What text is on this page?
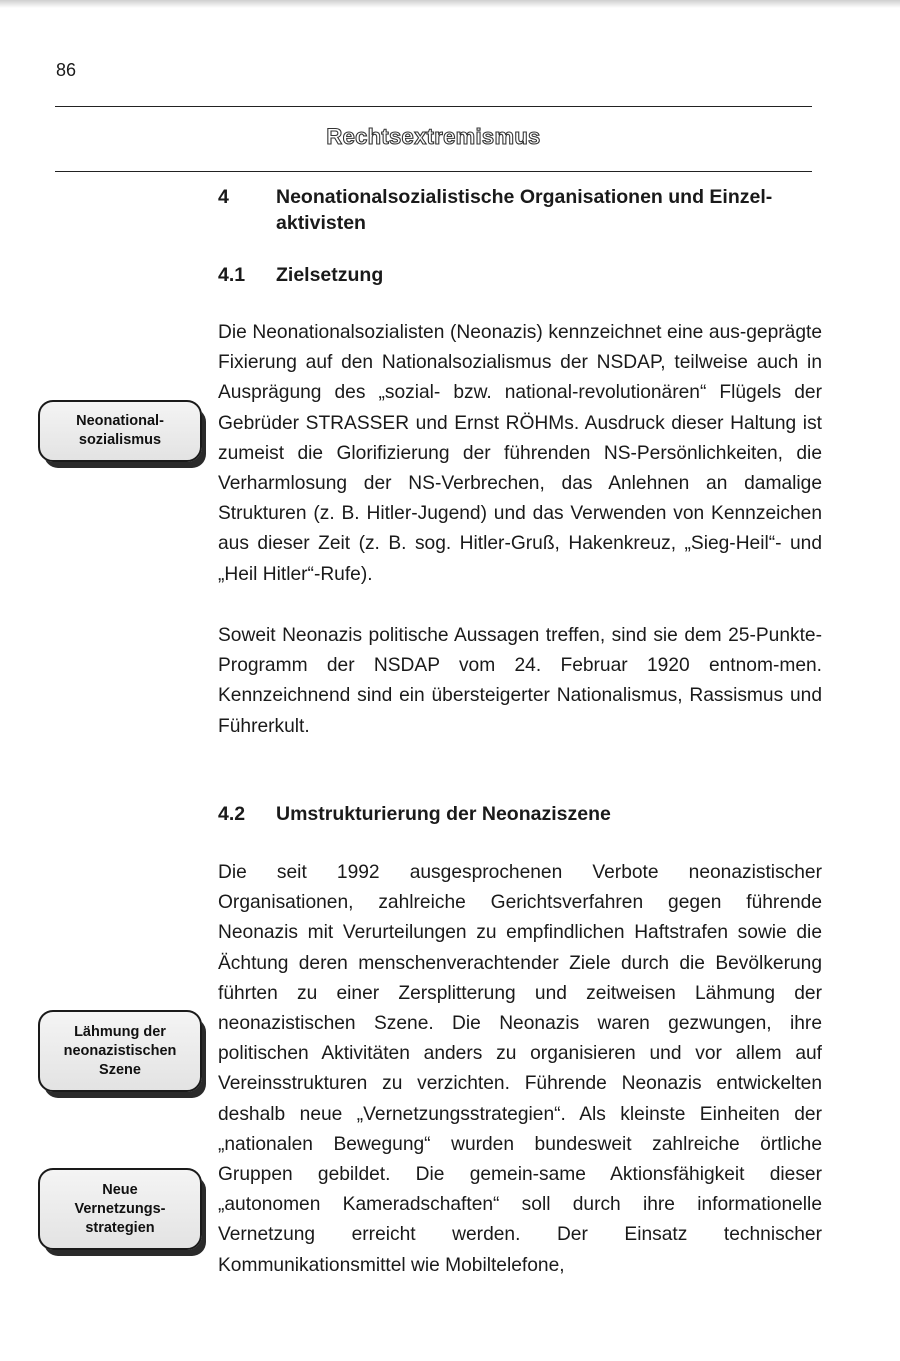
86
Rechtsextremismus
4 Neonationalsozialistische Organisationen und Einzel-aktivisten
4.1 Zielsetzung
Neonational-
sozialismus

Die Neonationalsozialisten (Neonazis) kennzeichnet eine aus-geprägte Fixierung auf den Nationalsozialismus der NSDAP, teilweise auch in Ausprägung des „sozial- bzw. national-revolutionären“ Flügels der Gebrüder STRASSER und Ernst RÖHMs. Ausdruck dieser Haltung ist zumeist die Glorifizierung der führenden NS-Persönlichkeiten, die Verharmlosung der NS-Verbrechen, das Anlehnen an damalige Strukturen (z. B. Hitler-Jugend) und das Verwenden von Kennzeichen aus dieser Zeit (z. B. sog. Hitler-Gruß, Hakenkreuz, „Sieg-Heil“- und „Heil Hitler“-Rufe).

Soweit Neonazis politische Aussagen treffen, sind sie dem 25-Punkte-Programm der NSDAP vom 24. Februar 1920 entnom-men. Kennzeichnend sind ein übersteigerter Nationalismus, Rassismus und Führerkult.

4.2 Umstrukturierung der Neonaziszene
Lähmung der
neonazistischen
Szene
Neue
Vernetzungs-
strategien

Die seit 1992 ausgesprochenen Verbote neonazistischer Organisationen, zahlreiche Gerichtsverfahren gegen führende Neonazis mit Verurteilungen zu empfindlichen Haftstrafen sowie die Ächtung deren menschenverachtender Ziele durch die Bevölkerung führten zu einer Zersplitterung und zeitweisen Lähmung der neonazistischen Szene. Die Neonazis waren gezwungen, ihre politischen Aktivitäten anders zu organisieren und vor allem auf Vereinsstrukturen zu verzichten. Führende Neonazis entwickelten deshalb neue „Vernetzungsstrategien“. Als kleinste Einheiten der „nationalen Bewegung“ wurden bundesweit zahlreiche örtliche Gruppen gebildet. Die gemein-same Aktionsfähigkeit dieser „autonomen Kameradschaften“ soll durch ihre informationelle Vernetzung erreicht werden. Der Einsatz technischer Kommunikationsmittel wie Mobiltelefone,
